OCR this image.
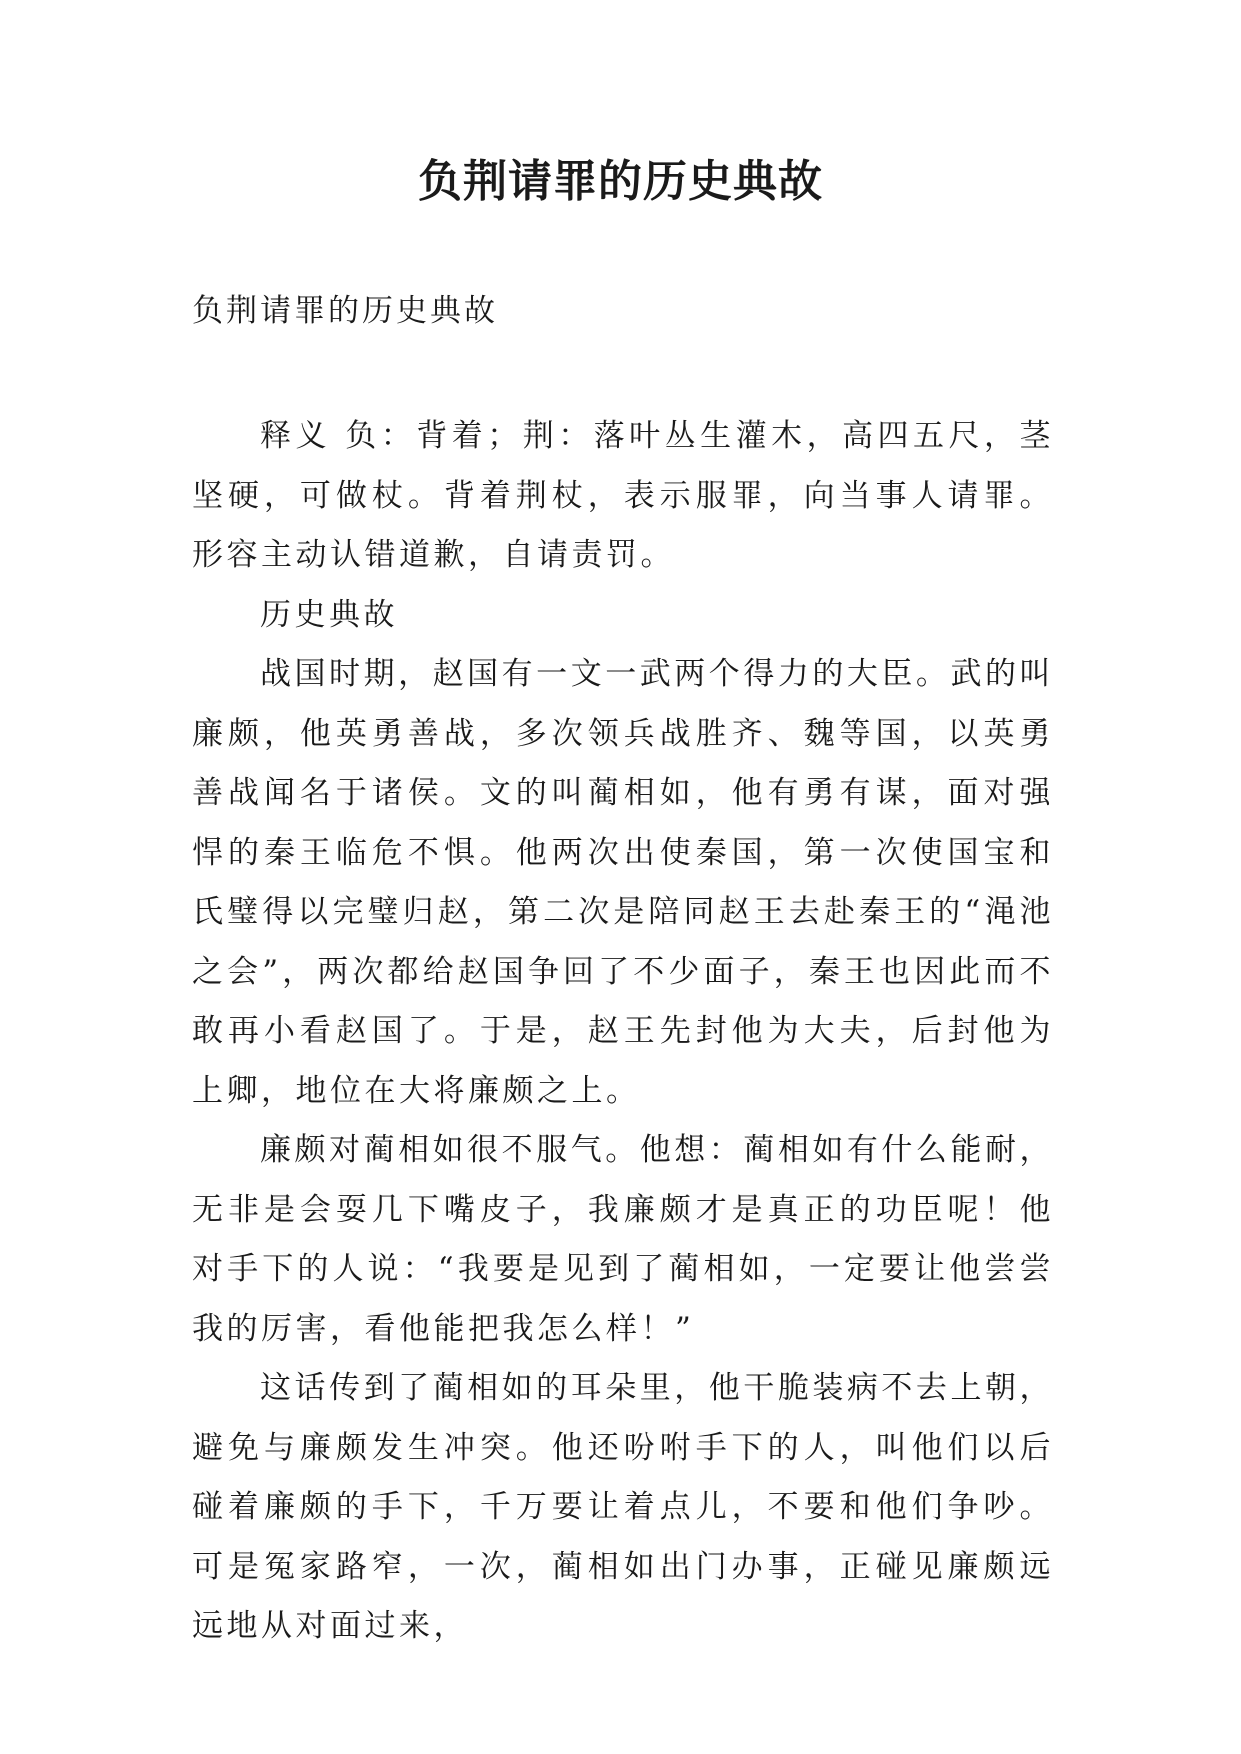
负荆请罪的历史典故
负荆请罪的历史典故

释义 负：背着；荆：落叶丛生灌木，高四五尺，茎坚硬，可做杖。背着荆杖，表示服罪，向当事人请罪。形容主动认错道歉，自请责罚。

历史典故

战国时期，赵国有一文一武两个得力的大臣。武的叫廉颇，他英勇善战，多次领兵战胜齐、魏等国，以英勇善战闻名于诸侯。文的叫蔺相如，他有勇有谋，面对强悍的秦王临危不惧。他两次出使秦国，第一次使国宝和氏璧得以完璧归赵，第二次是陪同赵王去赴秦王的“渑池之会”，两次都给赵国争回了不少面子，秦王也因此而不敢再小看赵国了。于是，赵王先封他为大夫，后封他为上卿，地位在大将廉颇之上。

廉颇对蔺相如很不服气。他想：蔺相如有什么能耐，无非是会耍几下嘴皮子，我廉颇才是真正的功臣呢！他对手下的人说：“我要是见到了蔺相如，一定要让他尝尝我的厉害，看他能把我怎么样！”

这话传到了蔺相如的耳朵里，他干脆装病不去上朝，避免与廉颇发生冲突。他还吩咐手下的人，叫他们以后碰着廉颇的手下，千万要让着点儿，不要和他们争吵。可是冤家路窄，一次，蔺相如出门办事，正碰见廉颇远远地从对面过来，
